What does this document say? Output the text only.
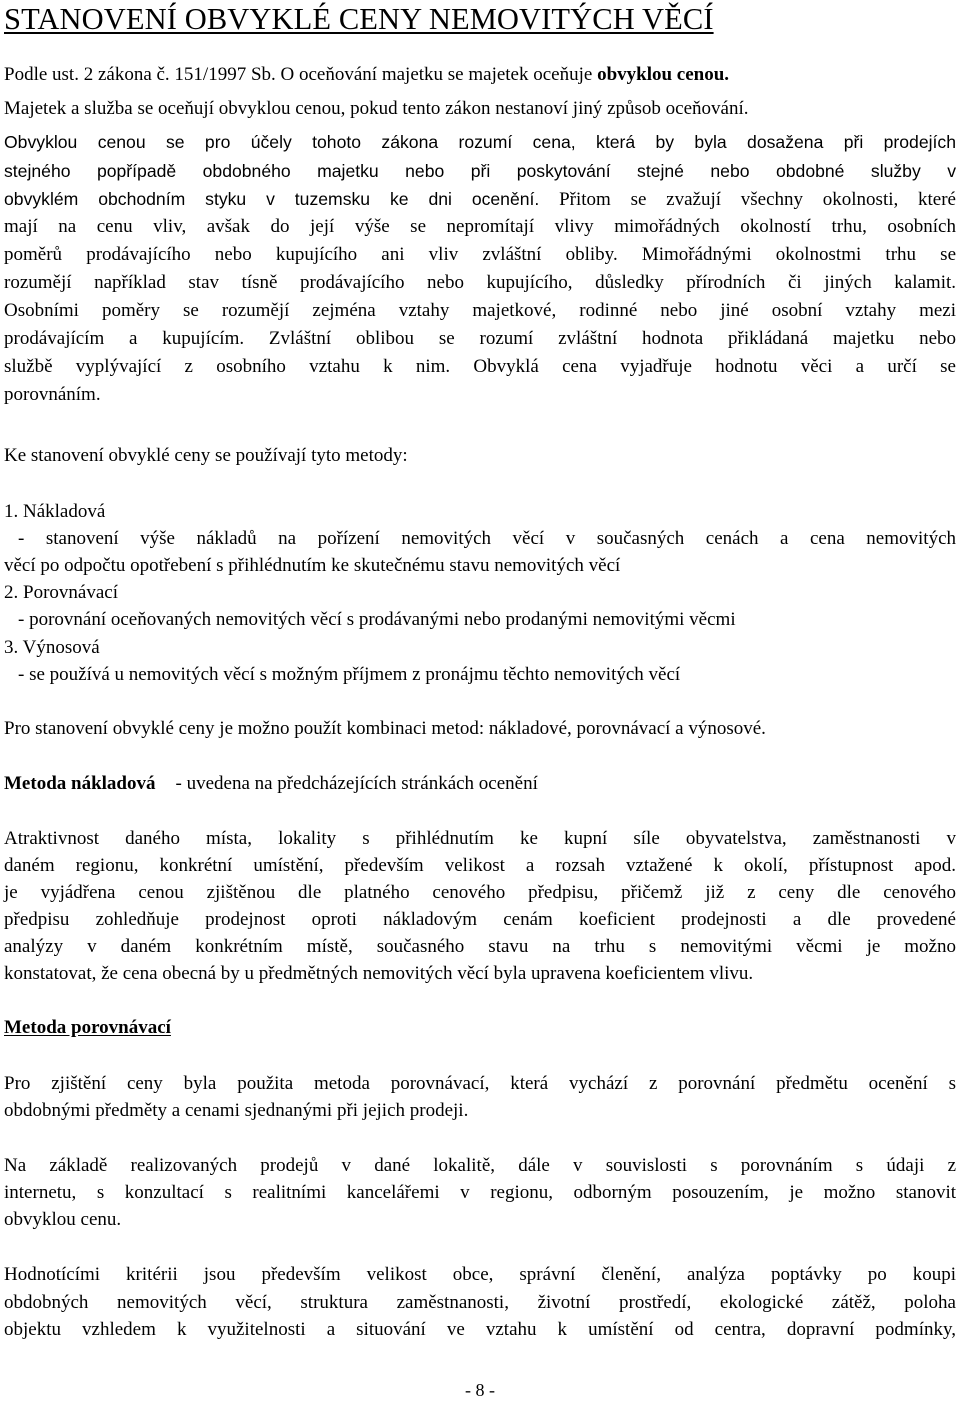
STANOVENÍ OBVYKLÉ CENY NEMOVITÝCH VĚCÍ
Podle ust. 2 zákona č. 151/1997 Sb. O oceňování majetku se majetek oceňuje obvyklou cenou.
Majetek a služba se oceňují obvyklou cenou, pokud tento zákon nestanoví jiný způsob oceňování.
Obvyklou cenou se pro účely tohoto zákona rozumí cena, která by byla dosažena při prodejích
stejného popřípadě obdobného majetku nebo při poskytování stejné nebo obdobné služby v
obvyklém obchodním styku v tuzemsku ke dni ocenění. Přitom se zvažují všechny okolnosti, které
mají na cenu vliv, avšak do její výše se nepromítají vlivy mimořádných okolností trhu, osobních
poměrů prodávajícího nebo kupujícího ani vliv zvláštní obliby. Mimořádnými okolnostmi trhu se
rozumějí například stav tísně prodávajícího nebo kupujícího, důsledky přírodních či jiných kalamit.
Osobními poměry se rozumějí zejména vztahy majetkové, rodinné nebo jiné osobní vztahy mezi
prodávajícím a kupujícím. Zvláštní oblibou se rozumí zvláštní hodnota přikládaná majetku nebo
službě vyplývající z osobního vztahu k nim. Obvyklá cena vyjadřuje hodnotu věci a určí se
porovnáním.
Ke stanovení obvyklé ceny se používají tyto metody:
1. Nákladová
- stanovení výše nákladů na pořízení nemovitých věcí v současných cenách a cena nemovitých
věcí po odpočtu opotřebení s přihlédnutím ke skutečnému stavu nemovitých věcí
2. Porovnávací
- porovnání oceňovaných nemovitých věcí s prodávanými nebo prodanými nemovitými věcmi
3. Výnosová
- se používá u nemovitých věcí s možným příjmem z pronájmu těchto nemovitých věcí
Pro stanovení obvyklé ceny je možno použít kombinaci metod: nákladové, porovnávací a výnosové.
Metoda nákladová - uvedena na předcházejících stránkách ocenění
Atraktivnost daného místa, lokality s přihlédnutím ke kupní síle obyvatelstva, zaměstnanosti v
daném regionu, konkrétní umístění, především velikost a rozsah vztažené k okolí, přístupnost apod.
je vyjádřena cenou zjištěnou dle platného cenového předpisu, přičemž již z ceny dle cenového
předpisu zohledňuje prodejnost oproti nákladovým cenám koeficient prodejnosti a dle provedené
analýzy v daném konkrétním místě, současného stavu na trhu s nemovitými věcmi je možno
konstatovat, že cena obecná by u předmětných nemovitých věcí byla upravena koeficientem vlivu.
Metoda porovnávací
Pro zjištění ceny byla použita metoda porovnávací, která vychází z porovnání předmětu ocenění s
obdobnými předměty a cenami sjednanými při jejich prodeji.
Na základě realizovaných prodejů v dané lokalitě, dále v souvislosti s porovnáním s údaji z
internetu, s konzultací s realitními kancelářemi v regionu, odborným posouzením, je možno stanovit
obvyklou cenu.
Hodnotícími kritérii jsou především velikost obce, správní členění, analýza poptávky po koupi
obdobných nemovitých věcí, struktura zaměstnanosti, životní prostředí, ekologické zátěž, poloha
objektu vzhledem k využitelnosti a situování ve vztahu k umístění od centra, dopravní podmínky,
- 8 -
